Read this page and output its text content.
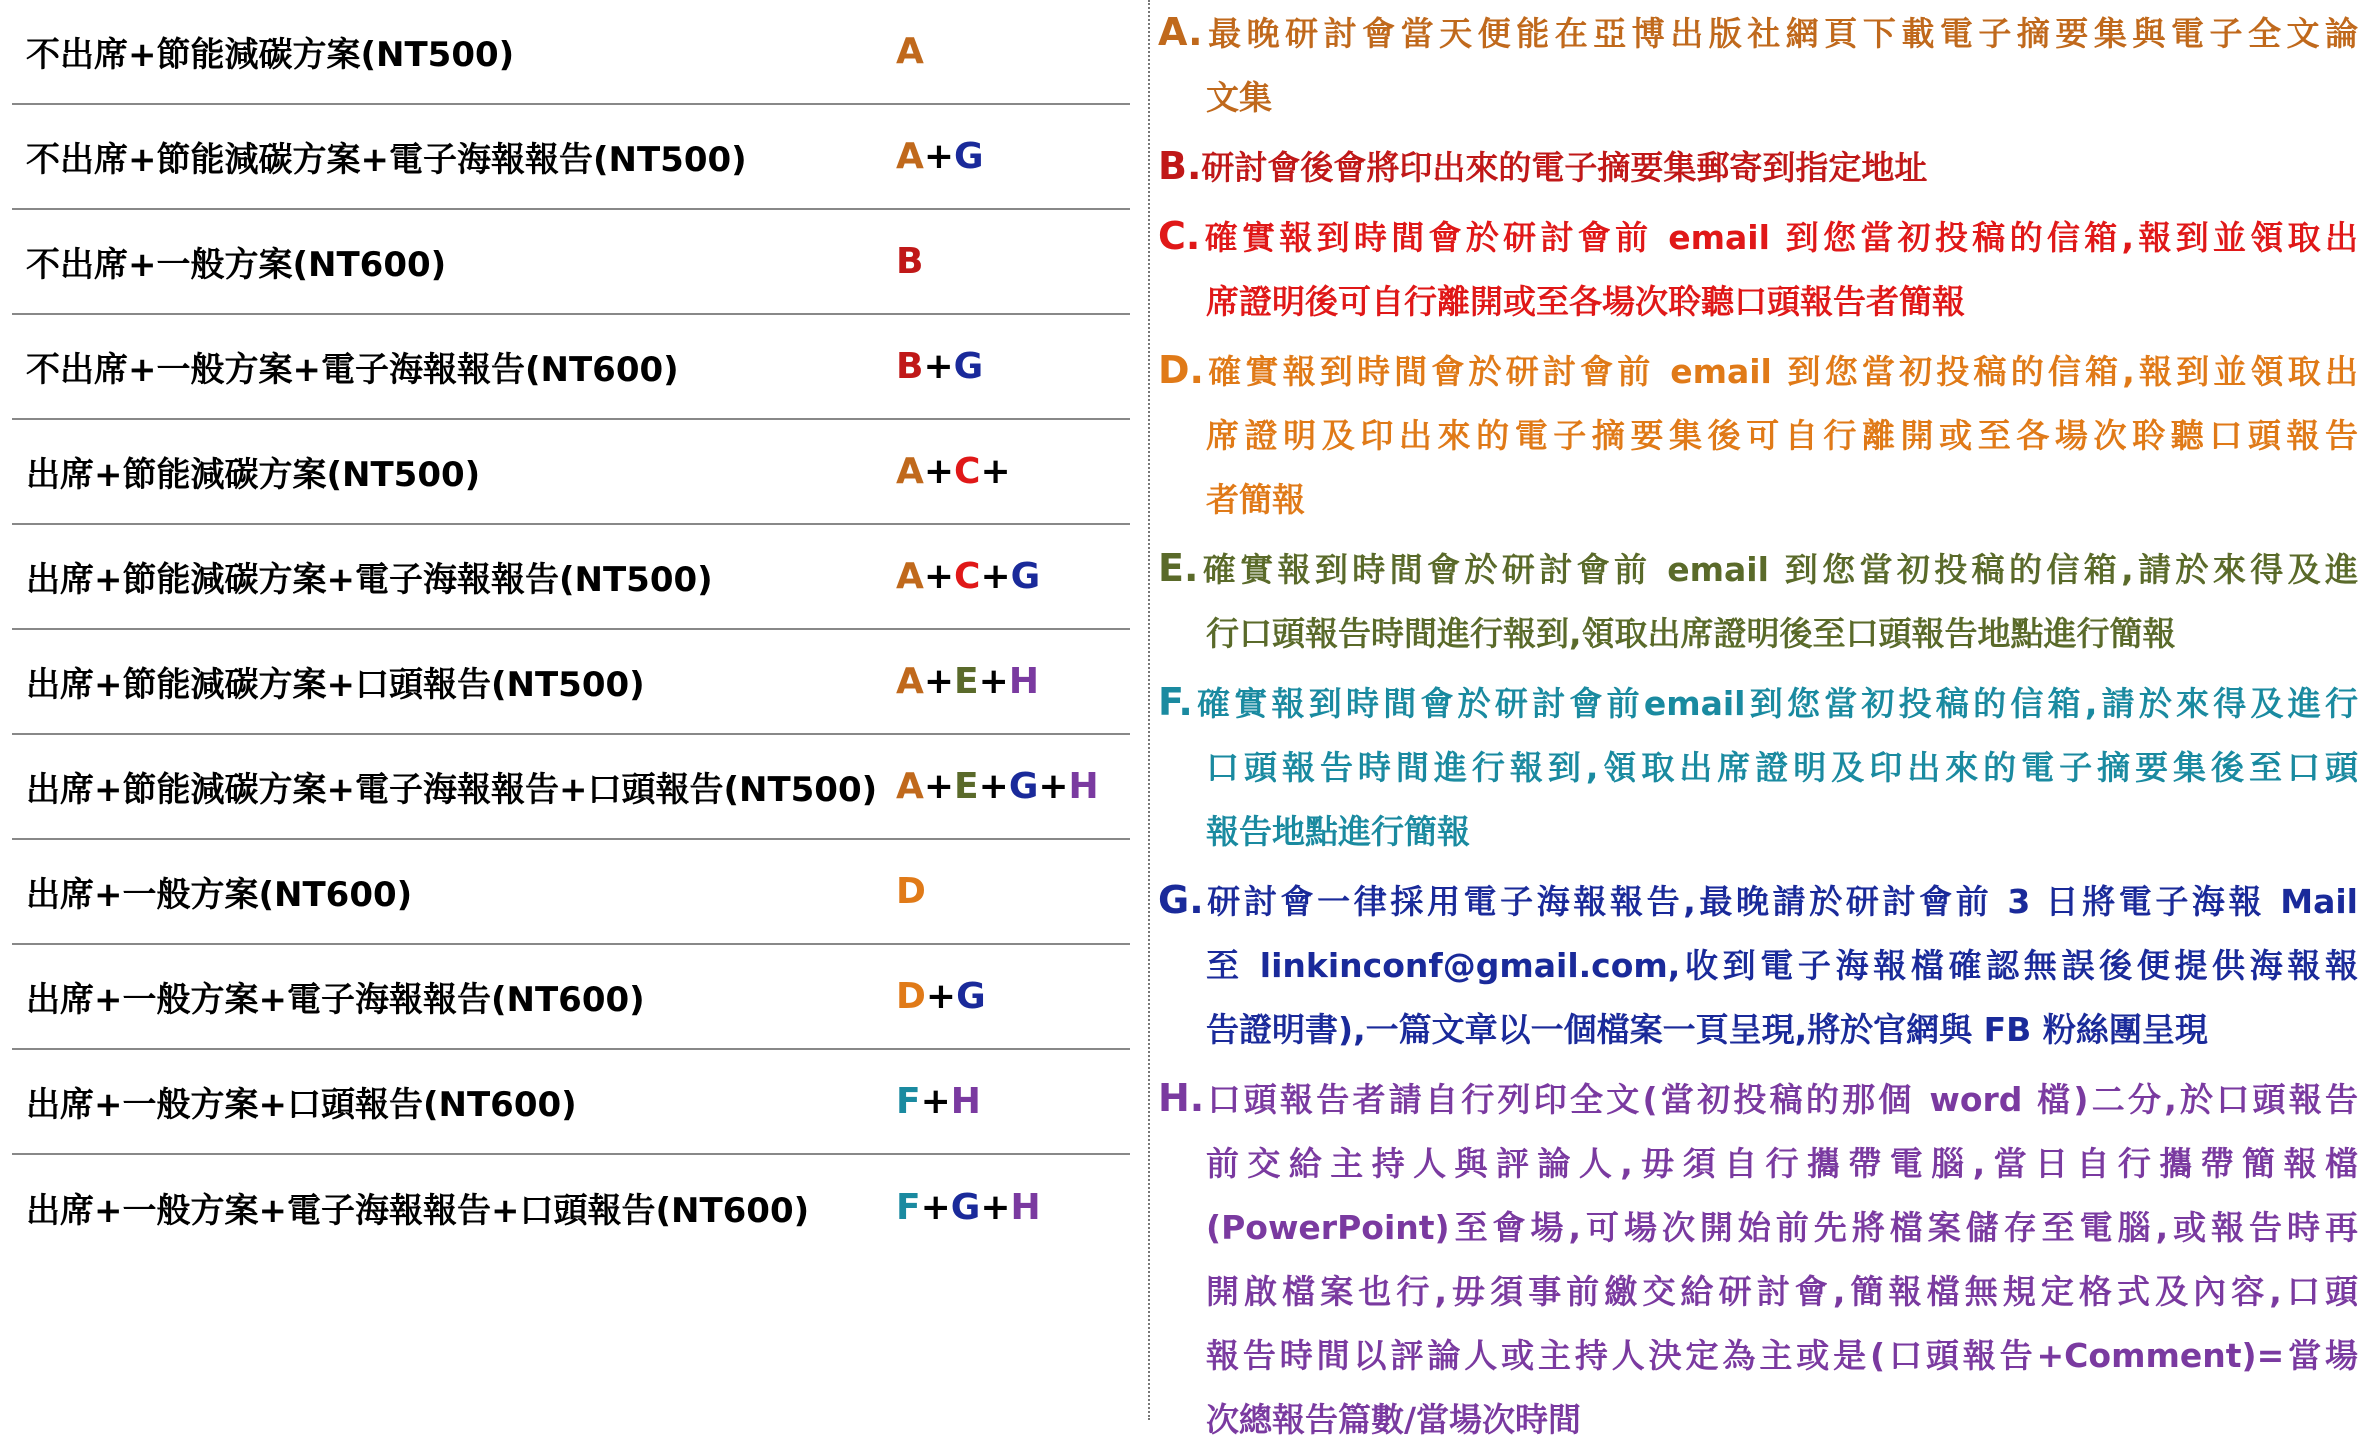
不出席+節能減碳方案(NT500)	A
不出席+節能減碳方案+電子海報報告(NT500)	A+G
不出席+一般方案(NT600)	B
不出席+一般方案+電子海報報告(NT600)	B+G
出席+節能減碳方案(NT500)	A+C+
出席+節能減碳方案+電子海報報告(NT500)	A+C+G
出席+節能減碳方案+口頭報告(NT500)	A+E+H
出席+節能減碳方案+電子海報報告+口頭報告(NT500) A+E+G+H
出席+一般方案(NT600)	D
出席+一般方案+電子海報報告(NT600)	D+G
出席+一般方案+口頭報告(NT600)	F+H
出席+一般方案+電子海報報告+口頭報告(NT600)	F+G+H
A.最晚研討會當天便能在亞博出版社網頁下載電子摘要集與電子全文論
文集
B.研討會後會將印出來的電子摘要集郵寄到指定地址
C.確實報到時間會於研討會前 email 到您當初投稿的信箱,報到並領取出
席證明後可自行離開或至各場次聆聽口頭報告者簡報
D.確實報到時間會於研討會前 email 到您當初投稿的信箱,報到並領取出
席證明及印出來的電子摘要集後可自行離開或至各場次聆聽口頭報告
者簡報
E.確實報到時間會於研討會前 email 到您當初投稿的信箱,請於來得及進
行口頭報告時間進行報到,領取出席證明後至口頭報告地點進行簡報
F.確實報到時間會於研討會前email到您當初投稿的信箱,請於來得及進行
口頭報告時間進行報到,領取出席證明及印出來的電子摘要集後至口頭
報告地點進行簡報
G.研討會一律採用電子海報報告,最晚請於研討會前 3 日將電子海報 Mail
至 linkinconf@gmail.com,收到電子海報檔確認無誤後便提供海報報
告證明書),一篇文章以一個檔案一頁呈現,將於官網與 FB 粉絲團呈現
H.口頭報告者請自行列印全文(當初投稿的那個 word 檔)二分,於口頭報告
前交給主持人與評論人,毋須自行攜帶電腦,當日自行攜帶簡報檔
(PowerPoint)至會場,可場次開始前先將檔案儲存至電腦,或報告時再
開啟檔案也行,毋須事前繳交給研討會,簡報檔無規定格式及內容,口頭
報告時間以評論人或主持人決定為主或是(口頭報告+Comment)=當場
次總報告篇數/當場次時間
